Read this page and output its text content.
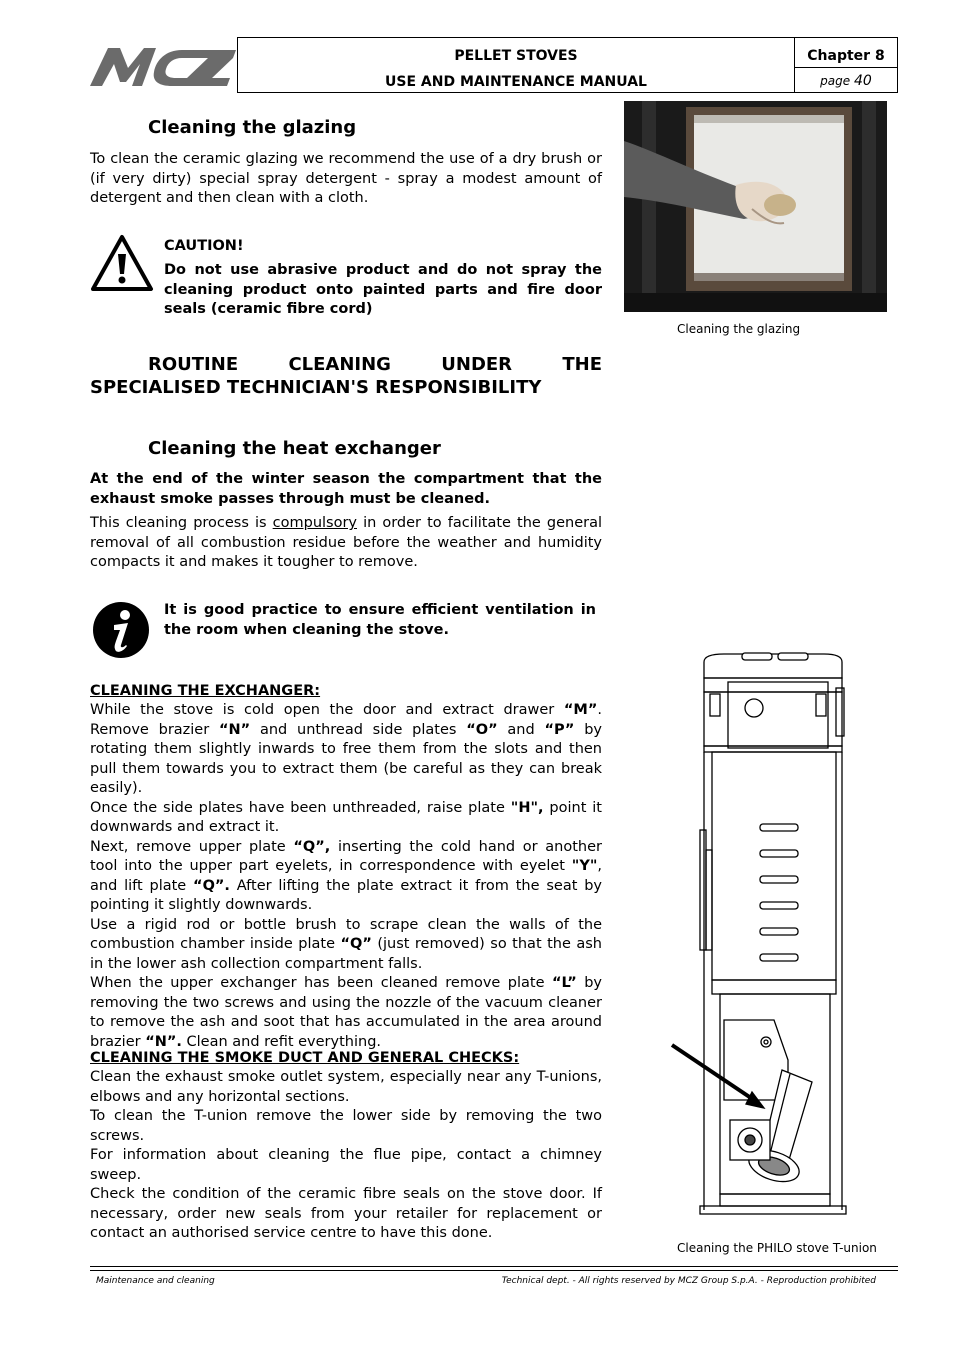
PELLET STOVES
USE AND MAINTENANCE MANUAL
Chapter 8
page 40
Cleaning the glazing
To clean the ceramic glazing we recommend the use of a dry brush or (if very dirty) special spray detergent - spray a modest amount of detergent and then clean with a cloth.
CAUTION!
Do not use abrasive product and do not spray the cleaning product onto painted parts and fire door seals (ceramic fibre cord)
Cleaning the glazing
ROUTINE	CLEANING	UNDER	THE
SPECIALISED TECHNICIAN'S RESPONSIBILITY
Cleaning the heat exchanger
At the end of the winter season the compartment that the exhaust smoke passes through must be cleaned.
This cleaning process is compulsory in order to facilitate the general removal of all combustion residue before the weather and humidity compacts it and makes it tougher to remove.
It is good practice to ensure efficient ventilation in the room when cleaning the stove.
CLEANING THE EXCHANGER:
While the stove is cold open the door and extract drawer “M”. Remove brazier “N” and unthread side plates “O” and “P” by rotating them slightly inwards to free them from the slots and then pull them towards you to extract them (be careful as they can break easily).
Once the side plates have been unthreaded, raise plate "H", point it downwards and extract it.
Next, remove upper plate “Q”, inserting the cold hand or another tool into the upper part eyelets, in correspondence with eyelet "Y", and lift plate “Q”. After lifting the plate extract it from the seat by pointing it slightly downwards.
Use a rigid rod or bottle brush to scrape clean the walls of the combustion chamber inside plate “Q” (just removed) so that the ash in the lower ash collection compartment falls.
When the upper exchanger has been cleaned remove plate “L” by removing the two screws and using the nozzle of the vacuum cleaner to remove the ash and soot that has accumulated in the area around brazier “N”. Clean and refit everything.
CLEANING THE SMOKE DUCT AND GENERAL CHECKS:
Clean the exhaust smoke outlet system, especially near any T-unions, elbows and any horizontal sections.
To clean the T-union remove the lower side by removing the two screws.
For information about cleaning the flue pipe, contact a chimney sweep.
Check the condition of the ceramic fibre seals on the stove door. If necessary, order new seals from your retailer for replacement or contact an authorised service centre to have this done.
Cleaning the PHILO stove T-union
Maintenance and cleaning	Technical dept. - All rights reserved by MCZ Group S.p.A. - Reproduction prohibited
